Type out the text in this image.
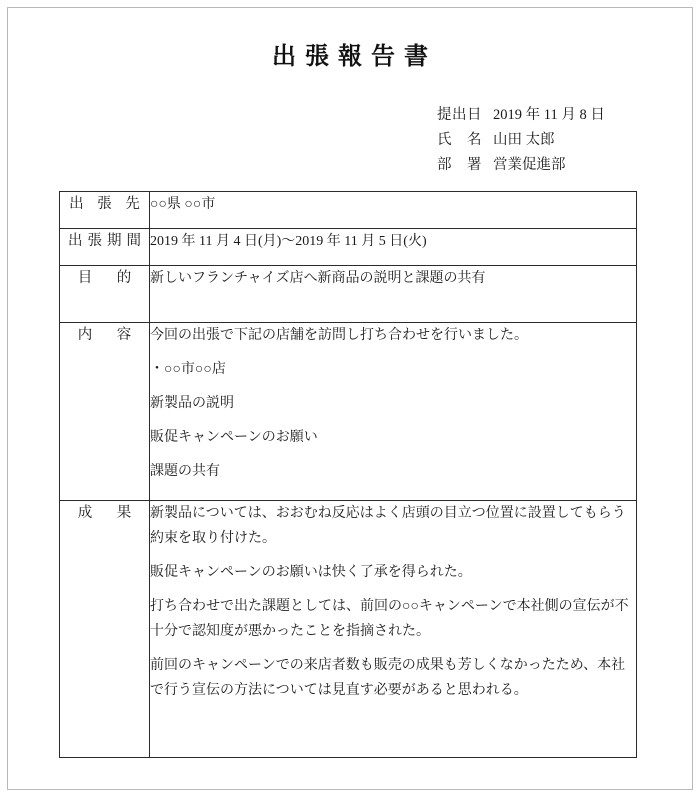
出張報告書
提出日 2019 年 11 月 8 日
氏　名 山田 太郎
部　署 営業促進部
出 張 先	○○県 ○○市

出張期間	2019 年 11 月 4 日(月)〜2019 年 11 月 5 日(火)

目　的	新しいフランチャイズ店へ新商品の説明と課題の共有

内　容	今回の出張で下記の店舗を訪問し打ち合わせを行いました。

・○○市○○店

新製品の説明

販促キャンペーンのお願い

課題の共有

成　果	新製品については、おおむね反応はよく店頭の目立つ位置に設置してもらう約束を取り付けた。

販促キャンペーンのお願いは快く了承を得られた。

打ち合わせで出た課題としては、前回の○○キャンペーンで本社側の宣伝が不十分で認知度が悪かったことを指摘された。

前回のキャンペーンでの来店者数も販売の成果も芳しくなかったため、本社で行う宣伝の方法については見直す必要があると思われる。
